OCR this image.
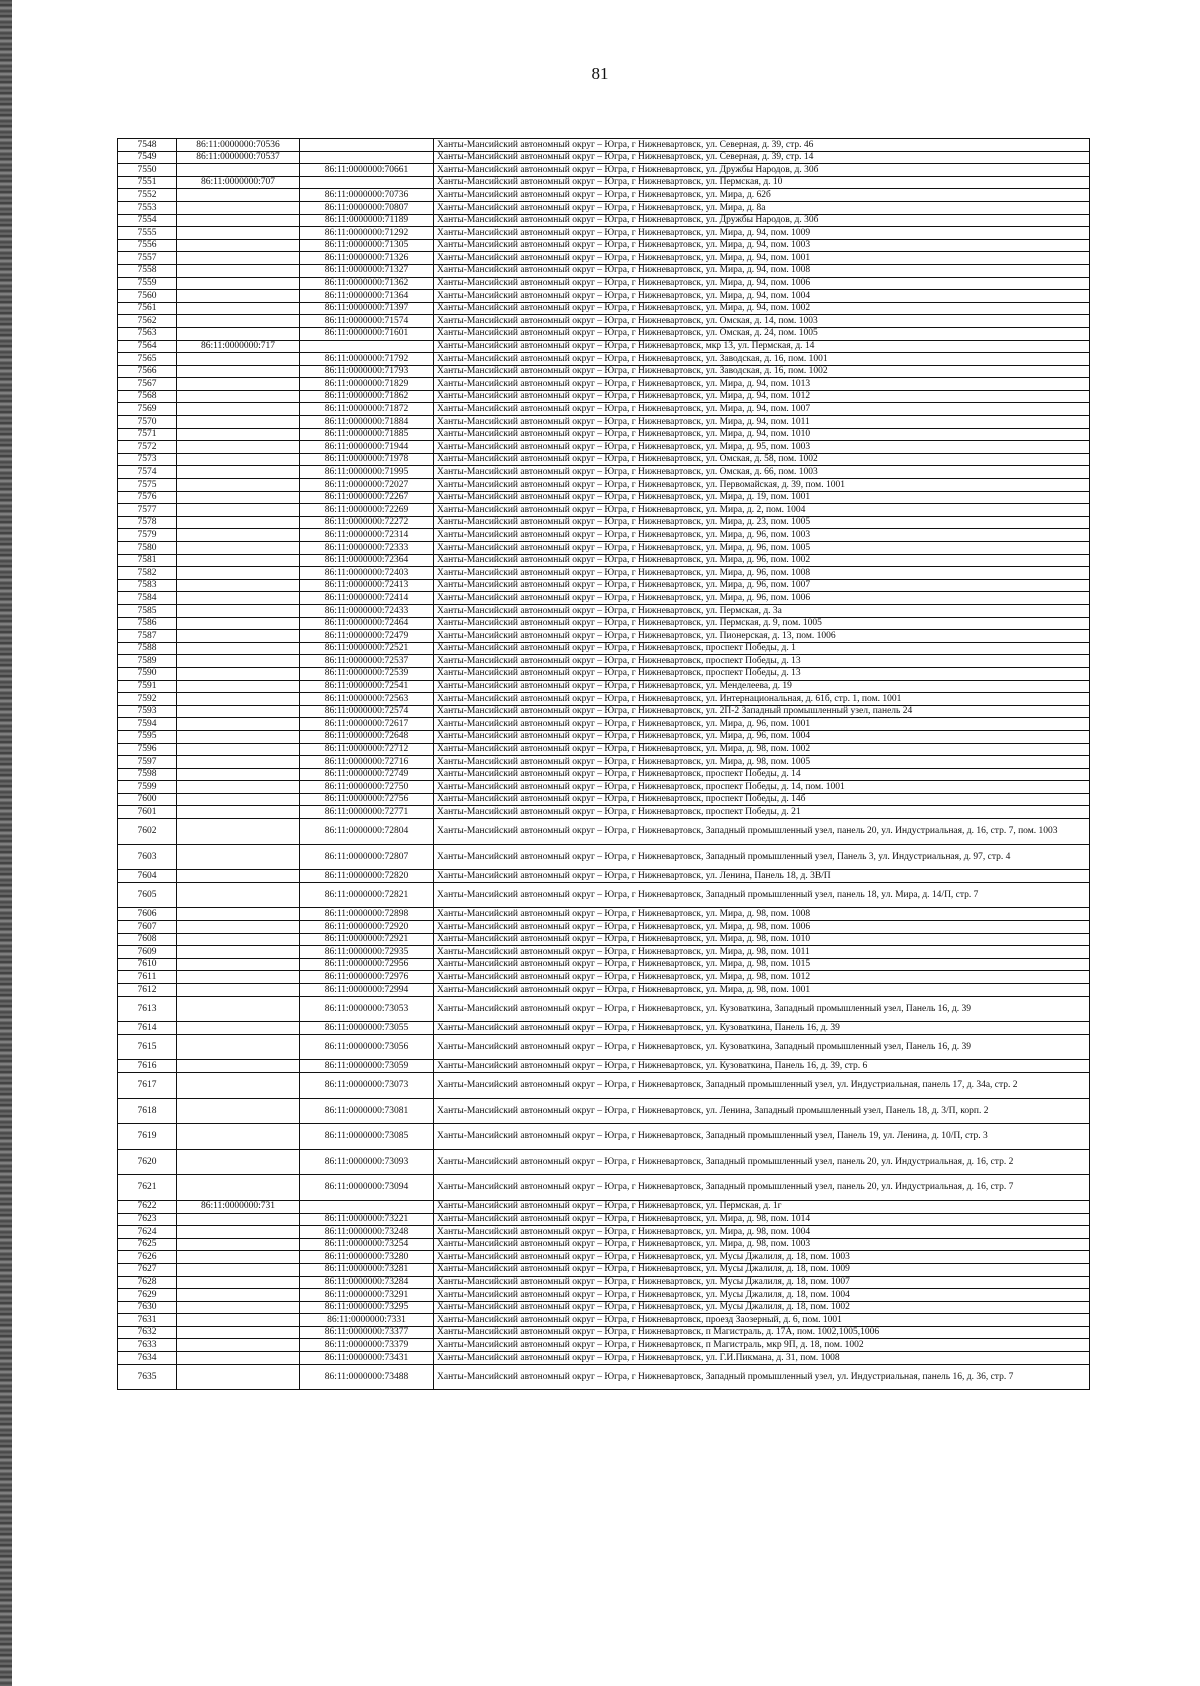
81
7548	86:11:0000000:70536		Ханты-Мансийский автономный округ – Югра, г Нижневартовск, ул. Северная, д. 39, стр. 46
7549	86:11:0000000:70537		Ханты-Мансийский автономный округ – Югра, г Нижневартовск, ул. Северная, д. 39, стр. 14
7550		86:11:0000000:70661	Ханты-Мансийский автономный округ – Югра, г Нижневартовск, ул. Дружбы Народов, д. 30б
7551	86:11:0000000:707		Ханты-Мансийский автономный округ – Югра, г Нижневартовск, ул. Пермская, д. 10
7552		86:11:0000000:70736	Ханты-Мансийский автономный округ – Югра, г Нижневартовск, ул. Мира, д. 62б
7553		86:11:0000000:70807	Ханты-Мансийский автономный округ – Югра, г Нижневартовск, ул. Мира, д. 8а
7554		86:11:0000000:71189	Ханты-Мансийский автономный округ – Югра, г Нижневартовск, ул. Дружбы Народов, д. 30б
7555		86:11:0000000:71292	Ханты-Мансийский автономный округ – Югра, г Нижневартовск, ул. Мира, д. 94, пом. 1009
7556		86:11:0000000:71305	Ханты-Мансийский автономный округ – Югра, г Нижневартовск, ул. Мира, д. 94, пом. 1003
7557		86:11:0000000:71326	Ханты-Мансийский автономный округ – Югра, г Нижневартовск, ул. Мира, д. 94, пом. 1001
7558		86:11:0000000:71327	Ханты-Мансийский автономный округ – Югра, г Нижневартовск, ул. Мира, д. 94, пом. 1008
7559		86:11:0000000:71362	Ханты-Мансийский автономный округ – Югра, г Нижневартовск, ул. Мира, д. 94, пом. 1006
7560		86:11:0000000:71364	Ханты-Мансийский автономный округ – Югра, г Нижневартовск, ул. Мира, д. 94, пом. 1004
7561		86:11:0000000:71397	Ханты-Мансийский автономный округ – Югра, г Нижневартовск, ул. Мира, д. 94, пом. 1002
7562		86:11:0000000:71574	Ханты-Мансийский автономный округ – Югра, г Нижневартовск, ул. Омская, д. 14, пом. 1003
7563		86:11:0000000:71601	Ханты-Мансийский автономный округ – Югра, г Нижневартовск, ул. Омская, д. 24, пом. 1005
7564	86:11:0000000:717		Ханты-Мансийский автономный округ – Югра, г Нижневартовск, мкр 13, ул. Пермская, д. 14
7565		86:11:0000000:71792	Ханты-Мансийский автономный округ – Югра, г Нижневартовск, ул. Заводская, д. 16, пом. 1001
7566		86:11:0000000:71793	Ханты-Мансийский автономный округ – Югра, г Нижневартовск, ул. Заводская, д. 16, пом. 1002
7567		86:11:0000000:71829	Ханты-Мансийский автономный округ – Югра, г Нижневартовск, ул. Мира, д. 94, пом. 1013
7568		86:11:0000000:71862	Ханты-Мансийский автономный округ – Югра, г Нижневартовск, ул. Мира, д. 94, пом. 1012
7569		86:11:0000000:71872	Ханты-Мансийский автономный округ – Югра, г Нижневартовск, ул. Мира, д. 94, пом. 1007
7570		86:11:0000000:71884	Ханты-Мансийский автономный округ – Югра, г Нижневартовск, ул. Мира, д. 94, пом. 1011
7571		86:11:0000000:71885	Ханты-Мансийский автономный округ – Югра, г Нижневартовск, ул. Мира, д. 94, пом. 1010
7572		86:11:0000000:71944	Ханты-Мансийский автономный округ – Югра, г Нижневартовск, ул. Мира, д. 95, пом. 1003
7573		86:11:0000000:71978	Ханты-Мансийский автономный округ – Югра, г Нижневартовск, ул. Омская, д. 58, пом. 1002
7574		86:11:0000000:71995	Ханты-Мансийский автономный округ – Югра, г Нижневартовск, ул. Омская, д. 66, пом. 1003
7575		86:11:0000000:72027	Ханты-Мансийский автономный округ – Югра, г Нижневартовск, ул. Первомайская, д. 39, пом. 1001
7576		86:11:0000000:72267	Ханты-Мансийский автономный округ – Югра, г Нижневартовск, ул. Мира, д. 19, пом. 1001
7577		86:11:0000000:72269	Ханты-Мансийский автономный округ – Югра, г Нижневартовск, ул. Мира, д. 2, пом. 1004
7578		86:11:0000000:72272	Ханты-Мансийский автономный округ – Югра, г Нижневартовск, ул. Мира, д. 23, пом. 1005
7579		86:11:0000000:72314	Ханты-Мансийский автономный округ – Югра, г Нижневартовск, ул. Мира, д. 96, пом. 1003
7580		86:11:0000000:72333	Ханты-Мансийский автономный округ – Югра, г Нижневартовск, ул. Мира, д. 96, пом. 1005
7581		86:11:0000000:72364	Ханты-Мансийский автономный округ – Югра, г Нижневартовск, ул. Мира, д. 96, пом. 1002
7582		86:11:0000000:72403	Ханты-Мансийский автономный округ – Югра, г Нижневартовск, ул. Мира, д. 96, пом. 1008
7583		86:11:0000000:72413	Ханты-Мансийский автономный округ – Югра, г Нижневартовск, ул. Мира, д. 96, пом. 1007
7584		86:11:0000000:72414	Ханты-Мансийский автономный округ – Югра, г Нижневартовск, ул. Мира, д. 96, пом. 1006
7585		86:11:0000000:72433	Ханты-Мансийский автономный округ – Югра, г Нижневартовск, ул. Пермская, д. 3а
7586		86:11:0000000:72464	Ханты-Мансийский автономный округ – Югра, г Нижневартовск, ул. Пермская, д. 9, пом. 1005
7587		86:11:0000000:72479	Ханты-Мансийский автономный округ – Югра, г Нижневартовск, ул. Пионерская, д. 13, пом. 1006
7588		86:11:0000000:72521	Ханты-Мансийский автономный округ – Югра, г Нижневартовск, проспект Победы, д. 1
7589		86:11:0000000:72537	Ханты-Мансийский автономный округ – Югра, г Нижневартовск, проспект Победы, д. 13
7590		86:11:0000000:72539	Ханты-Мансийский автономный округ – Югра, г Нижневартовск, проспект Победы, д. 13
7591		86:11:0000000:72541	Ханты-Мансийский автономный округ – Югра, г Нижневартовск, ул. Менделеева, д. 19
7592		86:11:0000000:72563	Ханты-Мансийский автономный округ – Югра, г Нижневартовск, ул. Интернациональная, д. 61б, стр. 1, пом. 1001
7593		86:11:0000000:72574	Ханты-Мансийский автономный округ – Югра, г Нижневартовск, ул. 2П-2 Западный промышленный узел, панель 24
7594		86:11:0000000:72617	Ханты-Мансийский автономный округ – Югра, г Нижневартовск, ул. Мира, д. 96, пом. 1001
7595		86:11:0000000:72648	Ханты-Мансийский автономный округ – Югра, г Нижневартовск, ул. Мира, д. 96, пом. 1004
7596		86:11:0000000:72712	Ханты-Мансийский автономный округ – Югра, г Нижневартовск, ул. Мира, д. 98, пом. 1002
7597		86:11:0000000:72716	Ханты-Мансийский автономный округ – Югра, г Нижневартовск, ул. Мира, д. 98, пом. 1005
7598		86:11:0000000:72749	Ханты-Мансийский автономный округ – Югра, г Нижневартовск, проспект Победы, д. 14
7599		86:11:0000000:72750	Ханты-Мансийский автономный округ – Югра, г Нижневартовск, проспект Победы, д. 14, пом. 1001
7600		86:11:0000000:72756	Ханты-Мансийский автономный округ – Югра, г Нижневартовск, проспект Победы, д. 14б
7601		86:11:0000000:72771	Ханты-Мансийский автономный округ – Югра, г Нижневартовск, проспект Победы, д. 21
7602		86:11:0000000:72804	Ханты-Мансийский автономный округ – Югра, г Нижневартовск, Западный промышленный узел, панель 20, ул. Индустриальная, д. 16, стр. 7, пом. 1003
7603		86:11:0000000:72807	Ханты-Мансийский автономный округ – Югра, г Нижневартовск, Западный промышленный узел, Панель 3, ул. Индустриальная, д. 97, стр. 4
7604		86:11:0000000:72820	Ханты-Мансийский автономный округ – Югра, г Нижневартовск, ул. Ленина, Панель 18, д. 3В/П
7605		86:11:0000000:72821	Ханты-Мансийский автономный округ – Югра, г Нижневартовск, Западный промышленный узел, панель 18, ул. Мира, д. 14/П, стр. 7
7606		86:11:0000000:72898	Ханты-Мансийский автономный округ – Югра, г Нижневартовск, ул. Мира, д. 98, пом. 1008
7607		86:11:0000000:72920	Ханты-Мансийский автономный округ – Югра, г Нижневартовск, ул. Мира, д. 98, пом. 1006
7608		86:11:0000000:72921	Ханты-Мансийский автономный округ – Югра, г Нижневартовск, ул. Мира, д. 98, пом. 1010
7609		86:11:0000000:72935	Ханты-Мансийский автономный округ – Югра, г Нижневартовск, ул. Мира, д. 98, пом. 1011
7610		86:11:0000000:72956	Ханты-Мансийский автономный округ – Югра, г Нижневартовск, ул. Мира, д. 98, пом. 1015
7611		86:11:0000000:72976	Ханты-Мансийский автономный округ – Югра, г Нижневартовск, ул. Мира, д. 98, пом. 1012
7612		86:11:0000000:72994	Ханты-Мансийский автономный округ – Югра, г Нижневартовск, ул. Мира, д. 98, пом. 1001
7613		86:11:0000000:73053	Ханты-Мансийский автономный округ – Югра, г Нижневартовск, ул. Кузоваткина, Западный промышленный узел, Панель 16, д. 39
7614		86:11:0000000:73055	Ханты-Мансийский автономный округ – Югра, г Нижневартовск, ул. Кузоваткина, Панель 16, д. 39
7615		86:11:0000000:73056	Ханты-Мансийский автономный округ – Югра, г Нижневартовск, ул. Кузоваткина, Западный промышленный узел, Панель 16, д. 39
7616		86:11:0000000:73059	Ханты-Мансийский автономный округ – Югра, г Нижневартовск, ул. Кузоваткина, Панель 16, д. 39, стр. 6
7617		86:11:0000000:73073	Ханты-Мансийский автономный округ – Югра, г Нижневартовск, Западный промышленный узел, ул. Индустриальная, панель 17, д. 34а, стр. 2
7618		86:11:0000000:73081	Ханты-Мансийский автономный округ – Югра, г Нижневартовск, ул. Ленина, Западный промышленный узел, Панель 18, д. 3/П, корп. 2
7619		86:11:0000000:73085	Ханты-Мансийский автономный округ – Югра, г Нижневартовск, Западный промышленный узел, Панель 19, ул. Ленина, д. 10/П, стр. 3
7620		86:11:0000000:73093	Ханты-Мансийский автономный округ – Югра, г Нижневартовск, Западный промышленный узел, панель 20, ул. Индустриальная, д. 16, стр. 2
7621		86:11:0000000:73094	Ханты-Мансийский автономный округ – Югра, г Нижневартовск, Западный промышленный узел, панель 20, ул. Индустриальная, д. 16, стр. 7
7622	86:11:0000000:731		Ханты-Мансийский автономный округ – Югра, г Нижневартовск, ул. Пермская, д. 1г
7623		86:11:0000000:73221	Ханты-Мансийский автономный округ – Югра, г Нижневартовск, ул. Мира, д. 98, пом. 1014
7624		86:11:0000000:73248	Ханты-Мансийский автономный округ – Югра, г Нижневартовск, ул. Мира, д. 98, пом. 1004
7625		86:11:0000000:73254	Ханты-Мансийский автономный округ – Югра, г Нижневартовск, ул. Мира, д. 98, пом. 1003
7626		86:11:0000000:73280	Ханты-Мансийский автономный округ – Югра, г Нижневартовск, ул. Мусы Джалиля, д. 18, пом. 1003
7627		86:11:0000000:73281	Ханты-Мансийский автономный округ – Югра, г Нижневартовск, ул. Мусы Джалиля, д. 18, пом. 1009
7628		86:11:0000000:73284	Ханты-Мансийский автономный округ – Югра, г Нижневартовск, ул. Мусы Джалиля, д. 18, пом. 1007
7629		86:11:0000000:73291	Ханты-Мансийский автономный округ – Югра, г Нижневартовск, ул. Мусы Джалиля, д. 18, пом. 1004
7630		86:11:0000000:73295	Ханты-Мансийский автономный округ – Югра, г Нижневартовск, ул. Мусы Джалиля, д. 18, пом. 1002
7631		86:11:0000000:7331	Ханты-Мансийский автономный округ – Югра, г Нижневартовск, проезд Заозерный, д. 6, пом. 1001
7632		86:11:0000000:73377	Ханты-Мансийский автономный округ – Югра, г Нижневартовск, п Магистраль, д. 17А, пом. 1002,1005,1006
7633		86:11:0000000:73379	Ханты-Мансийский автономный округ – Югра, г Нижневартовск, п Магистраль, мкр 9П, д. 18, пом. 1002
7634		86:11:0000000:73431	Ханты-Мансийский автономный округ – Югра, г Нижневартовск, ул. Г.И.Пикмана, д. 31, пом. 1008
7635		86:11:0000000:73488	Ханты-Мансийский автономный округ – Югра, г Нижневартовск, Западный промышленный узел, ул. Индустриальная, панель 16, д. 36, стр. 7
